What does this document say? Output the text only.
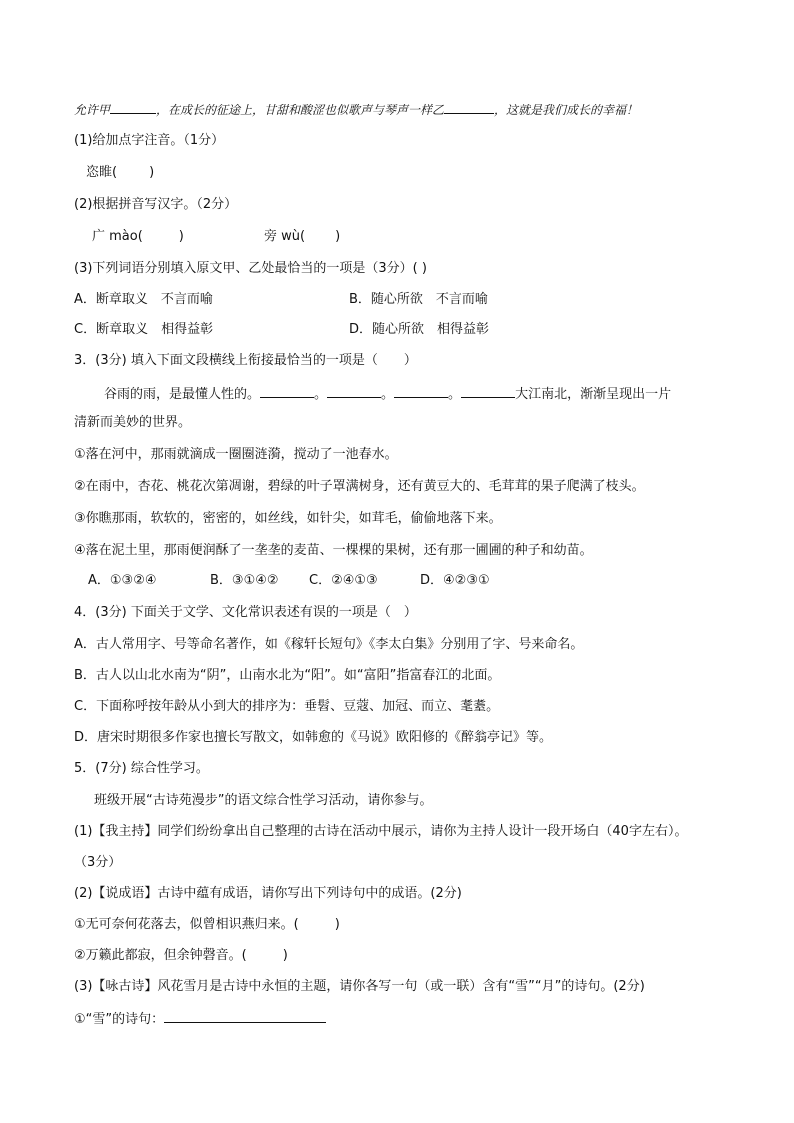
允许甲	，在成长的征途上，甘甜和酸涩也似歌声与琴声一样乙	，这就是我们成长的幸福！
(1)给加点字注音。（1分）
恣睢( )
(2)根据拼音写汉字。（2分）
广 mào(	)	旁 wù( )
(3)下列词语分别填入原文甲、乙处最恰当的一项是（3分）( )
A．断章取义　不言而喻	B．随心所欲　不言而喻
C．断章取义　相得益彰	D．随心所欲　相得益彰
3．(3分) 填入下面文段横线上衔接最恰当的一项是（　　）
谷雨的雨，是最懂人性的。	。	。	。	大江南北，渐渐呈现出一片
清新而美妙的世界。
①落在河中，那雨就滴成一圈圈涟漪，搅动了一池春水。
②在雨中，杏花、桃花次第凋谢，碧绿的叶子罩满树身，还有黄豆大的、毛茸茸的果子爬满了枝头。
③你瞧那雨，软软的，密密的，如丝线，如针尖，如茸毛，偷偷地落下来。
④落在泥土里，那雨便润酥了一垄垄的麦苗、一棵棵的果树，还有那一圃圃的种子和幼苗。
A．①③②④	B．③①④② C．②④①③	D．④②③①
4．(3分) 下面关于文学、文化常识表述有误的一项是（　）
A．古人常用字、号等命名著作，如《稼轩长短句》《李太白集》分别用了字、号来命名。
B．古人以山北水南为“阴”，山南水北为“阳”。如“富阳”指富春江的北面。
C．下面称呼按年龄从小到大的排序为：垂髫、豆蔻、加冠、而立、耄耋。
D．唐宋时期很多作家也擅长写散文，如韩愈的《马说》欧阳修的《醉翁亭记》等。
5．(7分) 综合性学习。
班级开展“古诗苑漫步”的语文综合性学习活动，请你参与。
(1)【我主持】同学们纷纷拿出自己整理的古诗在活动中展示，请你为主持人设计一段开场白（40字左右）。
（3分）
(2)【说成语】古诗中蕴有成语，请你写出下列诗句中的成语。(2分)
①无可奈何花落去，似曾相识燕归来。(	)
②万籁此都寂，但余钟磬音。(	)
(3)【咏古诗】风花雪月是古诗中永恒的主题，请你各写一句（或一联）含有“雪”“月”的诗句。(2分)
①“雪”的诗句：
